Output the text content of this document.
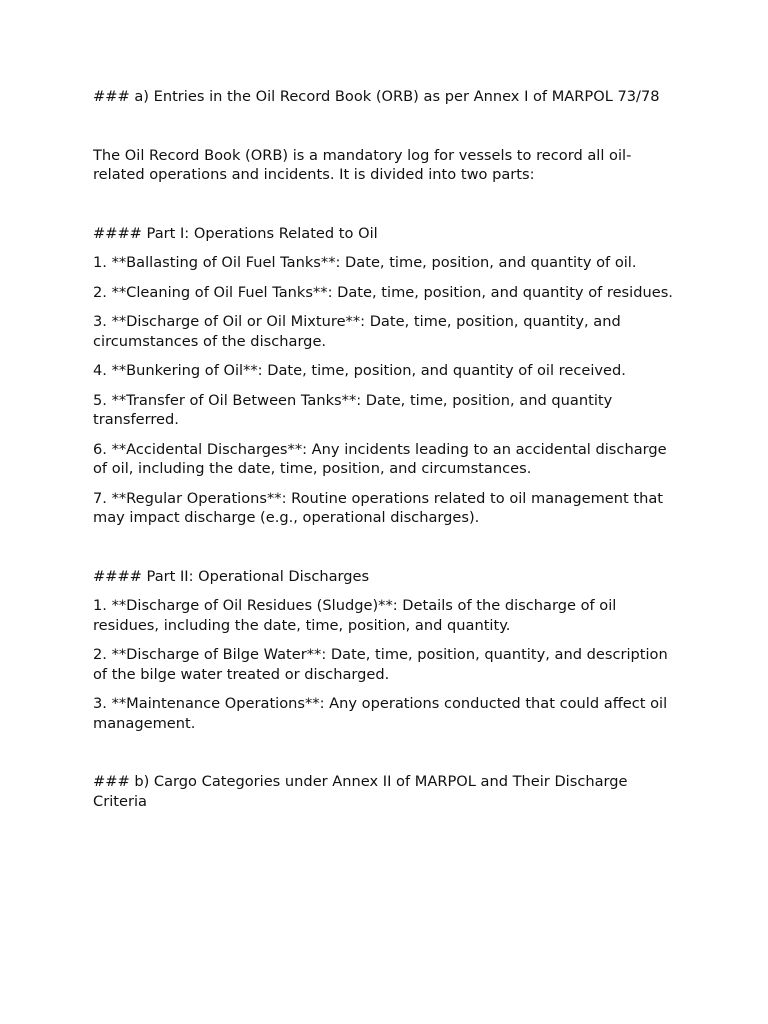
### a) Entries in the Oil Record Book (ORB) as per Annex I of MARPOL 73/78

The Oil Record Book (ORB) is a mandatory log for vessels to record all oil-related operations and incidents. It is divided into two parts:

#### Part I: Operations Related to Oil

1. **Ballasting of Oil Fuel Tanks**: Date, time, position, and quantity of oil.

2. **Cleaning of Oil Fuel Tanks**: Date, time, position, and quantity of residues.

3. **Discharge of Oil or Oil Mixture**: Date, time, position, quantity, and circumstances of the discharge.

4. **Bunkering of Oil**: Date, time, position, and quantity of oil received.

5. **Transfer of Oil Between Tanks**: Date, time, position, and quantity transferred.

6. **Accidental Discharges**: Any incidents leading to an accidental discharge of oil, including the date, time, position, and circumstances.

7. **Regular Operations**: Routine operations related to oil management that may impact discharge (e.g., operational discharges).

#### Part II: Operational Discharges

1. **Discharge of Oil Residues (Sludge)**: Details of the discharge of oil residues, including the date, time, position, and quantity.

2. **Discharge of Bilge Water**: Date, time, position, quantity, and description of the bilge water treated or discharged.

3. **Maintenance Operations**: Any operations conducted that could affect oil management.

### b) Cargo Categories under Annex II of MARPOL and Their Discharge Criteria
